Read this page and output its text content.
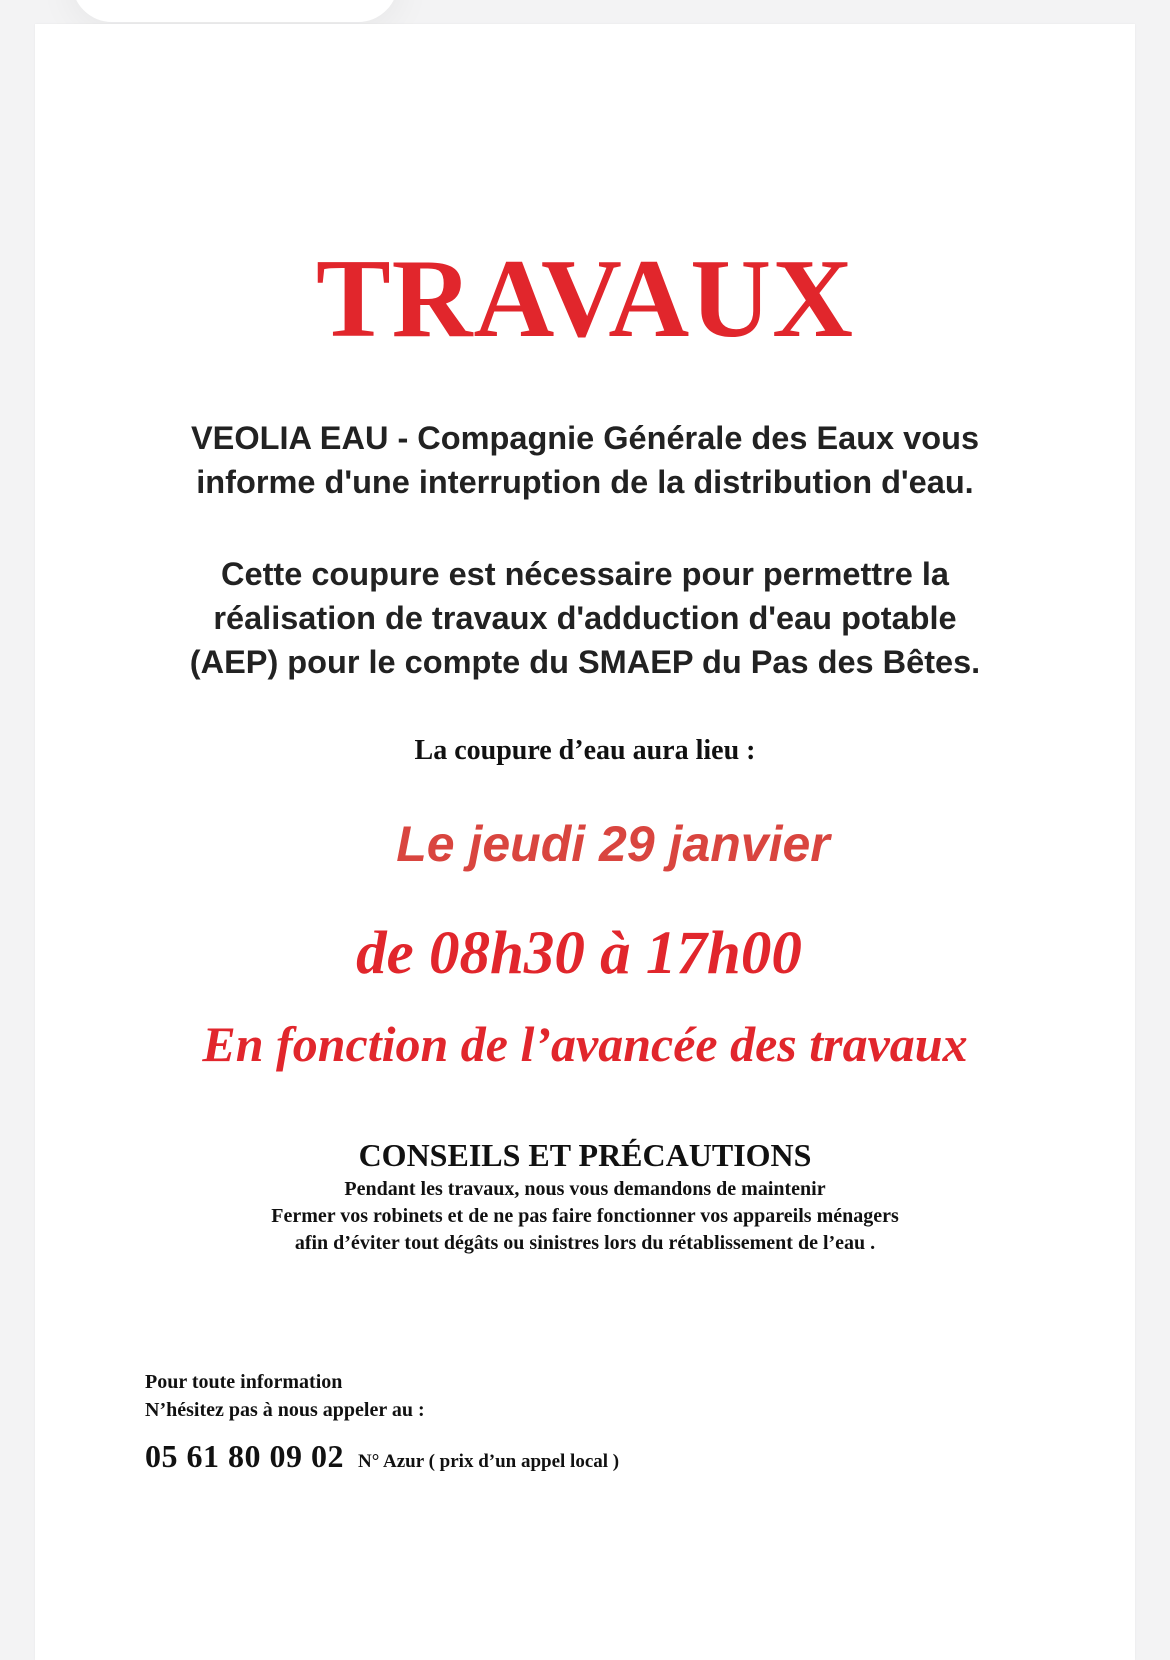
TRAVAUX
VEOLIA EAU - Compagnie Générale des Eaux vous
informe d'une interruption de la distribution d'eau.
Cette coupure est nécessaire pour permettre la
réalisation de travaux d'adduction d'eau potable
(AEP) pour le compte du SMAEP du Pas des Bêtes.
La coupure d’eau aura lieu :
Le jeudi 29 janvier
de 08h30 à 17h00
En fonction de l’avancée des travaux
CONSEILS ET PRÉCAUTIONS
Pendant les travaux, nous vous demandons de maintenir
Fermer vos robinets et de ne pas faire fonctionner vos appareils ménagers
afin d’éviter tout dégâts ou sinistres lors du rétablissement de l’eau .
Pour toute information
N’hésitez pas à nous appeler au :
05 61 80 09 02 N° Azur ( prix d’un appel local )
